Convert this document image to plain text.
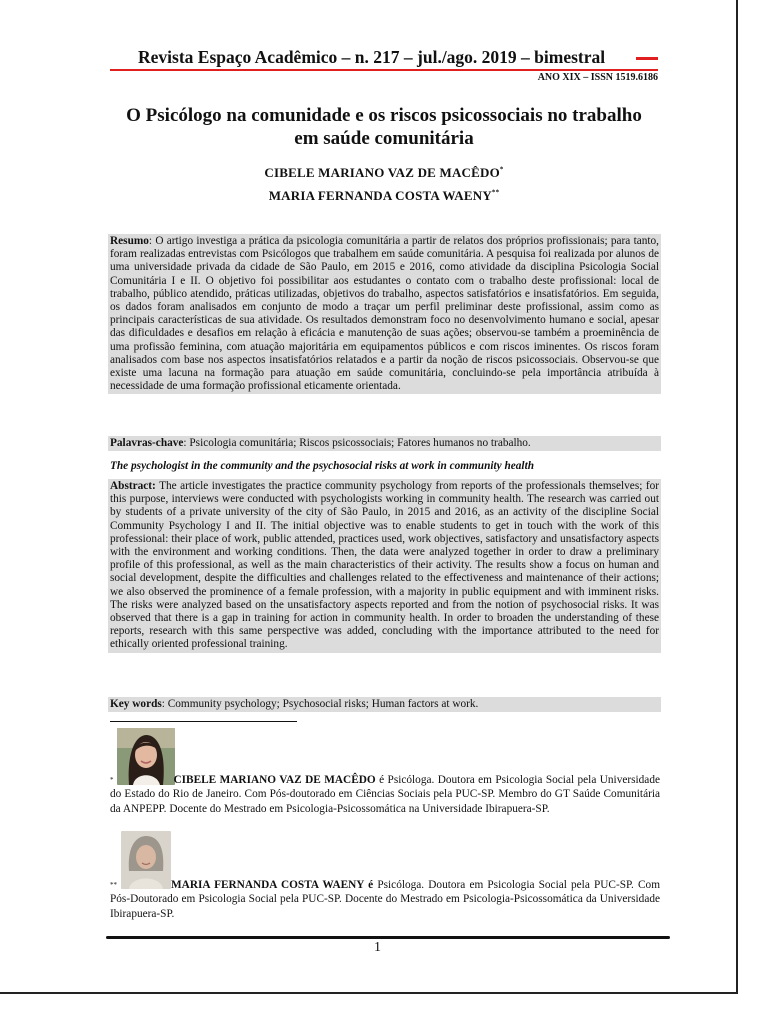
Revista Espaço Acadêmico – n. 217 – jul./ago. 2019 – bimestral
ANO XIX – ISSN 1519.6186
O Psicólogo na comunidade e os riscos psicossociais no trabalho em saúde comunitária
CIBELE MARIANO VAZ DE MACÊDO*
MARIA FERNANDA COSTA WAENY**
Resumo: O artigo investiga a prática da psicologia comunitária a partir de relatos dos próprios profissionais; para tanto, foram realizadas entrevistas com Psicólogos que trabalhem em saúde comunitária. A pesquisa foi realizada por alunos de uma universidade privada da cidade de São Paulo, em 2015 e 2016, como atividade da disciplina Psicologia Social Comunitária I e II. O objetivo foi possibilitar aos estudantes o contato com o trabalho deste profissional: local de trabalho, público atendido, práticas utilizadas, objetivos do trabalho, aspectos satisfatórios e insatisfatórios. Em seguida, os dados foram analisados em conjunto de modo a traçar um perfil preliminar deste profissional, assim como as principais características de sua atividade. Os resultados demonstram foco no desenvolvimento humano e social, apesar das dificuldades e desafios em relação à eficácia e manutenção de suas ações; observou-se também a proeminência de uma profissão feminina, com atuação majoritária em equipamentos públicos e com riscos iminentes. Os riscos foram analisados com base nos aspectos insatisfatórios relatados e a partir da noção de riscos psicossociais. Observou-se que existe uma lacuna na formação para atuação em saúde comunitária, concluindo-se pela importância atribuída à necessidade de uma formação profissional eticamente orientada.
Palavras-chave: Psicologia comunitária; Riscos psicossociais; Fatores humanos no trabalho.
The psychologist in the community and the psychosocial risks at work in community health
Abstract: The article investigates the practice community psychology from reports of the professionals themselves; for this purpose, interviews were conducted with psychologists working in community health. The research was carried out by students of a private university of the city of São Paulo, in 2015 and 2016, as an activity of the discipline Social Community Psychology I and II. The initial objective was to enable students to get in touch with the work of this professional: their place of work, public attended, practices used, work objectives, satisfactory and unsatisfactory aspects with the environment and working conditions. Then, the data were analyzed together in order to draw a preliminary profile of this professional, as well as the main characteristics of their activity. The results show a focus on human and social development, despite the difficulties and challenges related to the effectiveness and maintenance of their actions; we also observed the prominence of a female profession, with a majority in public equipment and with imminent risks. The risks were analyzed based on the unsatisfactory aspects reported and from the notion of psychosocial risks. It was observed that there is a gap in training for action in community health. In order to broaden the understanding of these reports, research with this same perspective was added, concluding with the importance attributed to the need for ethically oriented professional training.
Key words: Community psychology; Psychosocial risks; Human factors at work.
*	CIBELE MARIANO VAZ DE MACÊDO é Psicóloga. Doutora em Psicologia Social pela Universidade do Estado do Rio de Janeiro. Com Pós-doutorado em Ciências Sociais pela PUC-SP. Membro do GT Saúde Comunitária da ANPEPP. Docente do Mestrado em Psicologia-Psicossomática na Universidade Ibirapuera-SP.
**	MARIA FERNANDA COSTA WAENY é Psicóloga. Doutora em Psicologia Social pela PUC-SP. Com Pós-Doutorado em Psicologia Social pela PUC-SP. Docente do Mestrado em Psicologia-Psicossomática da Universidade Ibirapuera-SP.
1
